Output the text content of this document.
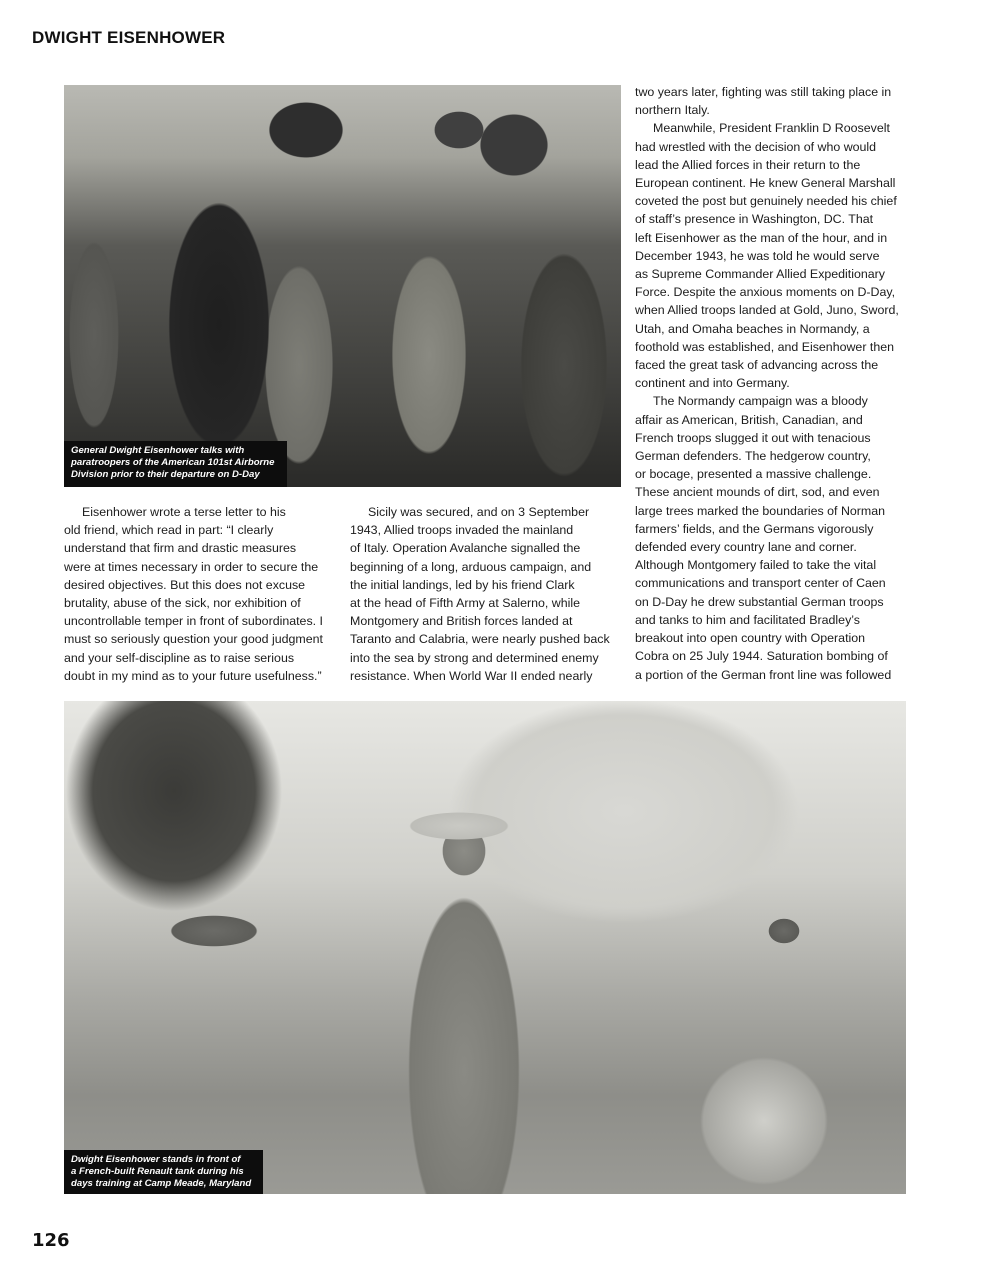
DWIGHT EISENHOWER
General Dwight Eisenhower talks with
paratroopers of the American 101st Airborne
Division prior to their departure on D-Day
Eisenhower wrote a terse letter to his
old friend, which read in part: “I clearly
understand that firm and drastic measures
were at times necessary in order to secure the
desired objectives. But this does not excuse
brutality, abuse of the sick, nor exhibition of
uncontrollable temper in front of subordinates. I
must so seriously question your good judgment
and your self-discipline as to raise serious
doubt in my mind as to your future usefulness.”
Sicily was secured, and on 3 September
1943, Allied troops invaded the mainland
of Italy. Operation Avalanche signalled the
beginning of a long, arduous campaign, and
the initial landings, led by his friend Clark
at the head of Fifth Army at Salerno, while
Montgomery and British forces landed at
Taranto and Calabria, were nearly pushed back
into the sea by strong and determined enemy
resistance. When World War II ended nearly
two years later, fighting was still taking place in
northern Italy.
Meanwhile, President Franklin D Roosevelt
had wrestled with the decision of who would
lead the Allied forces in their return to the
European continent. He knew General Marshall
coveted the post but genuinely needed his chief
of staff’s presence in Washington, DC. That
left Eisenhower as the man of the hour, and in
December 1943, he was told he would serve
as Supreme Commander Allied Expeditionary
Force. Despite the anxious moments on D-Day,
when Allied troops landed at Gold, Juno, Sword,
Utah, and Omaha beaches in Normandy, a
foothold was established, and Eisenhower then
faced the great task of advancing across the
continent and into Germany.
The Normandy campaign was a bloody
affair as American, British, Canadian, and
French troops slugged it out with tenacious
German defenders. The hedgerow country,
or bocage, presented a massive challenge.
These ancient mounds of dirt, sod, and even
large trees marked the boundaries of Norman
farmers’ fields, and the Germans vigorously
defended every country lane and corner.
Although Montgomery failed to take the vital
communications and transport center of Caen
on D-Day he drew substantial German troops
and tanks to him and facilitated Bradley’s
breakout into open country with Operation
Cobra on 25 July 1944. Saturation bombing of
a portion of the German front line was followed
Dwight Eisenhower stands in front of
a French-built Renault tank during his
days training at Camp Meade, Maryland
126
